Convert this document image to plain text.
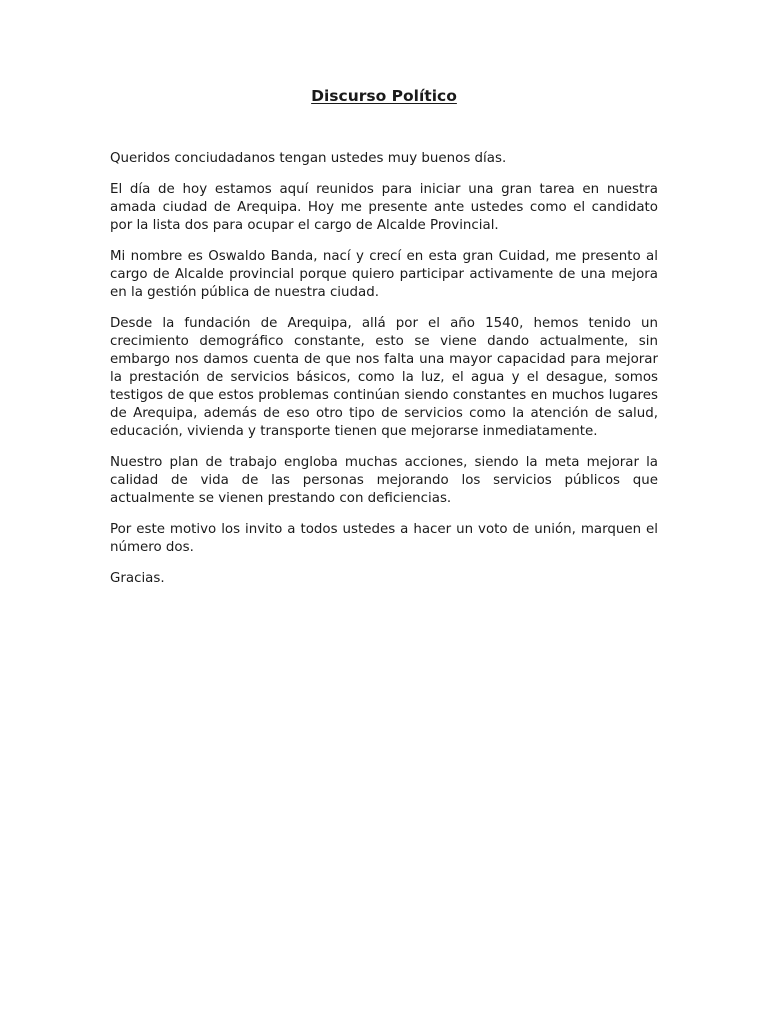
Discurso Político

Queridos conciudadanos tengan ustedes muy buenos días.

El día de hoy estamos aquí reunidos para iniciar una gran tarea en nuestra amada ciudad de Arequipa. Hoy me presente ante ustedes como el candidato por la lista dos para ocupar el cargo de Alcalde Provincial.

Mi nombre es Oswaldo Banda, nací y crecí en esta gran Cuidad, me presento al cargo de Alcalde provincial porque quiero participar activamente de una mejora en la gestión pública de nuestra ciudad.

Desde la fundación de Arequipa, allá por el año 1540, hemos tenido un crecimiento demográfico constante, esto se viene dando actualmente, sin embargo nos damos cuenta de que nos falta una mayor capacidad para mejorar la prestación de servicios básicos, como la luz, el agua y el desague, somos testigos de que estos problemas continúan siendo constantes en muchos lugares de Arequipa, además de eso otro tipo de servicios como la atención de salud, educación, vivienda y transporte tienen que mejorarse inmediatamente.

Nuestro plan de trabajo engloba muchas acciones, siendo la meta mejorar la calidad de vida de las personas mejorando los servicios públicos que actualmente se vienen prestando con deficiencias.

Por este motivo los invito a todos ustedes a hacer un voto de unión, marquen el número dos.

Gracias.
